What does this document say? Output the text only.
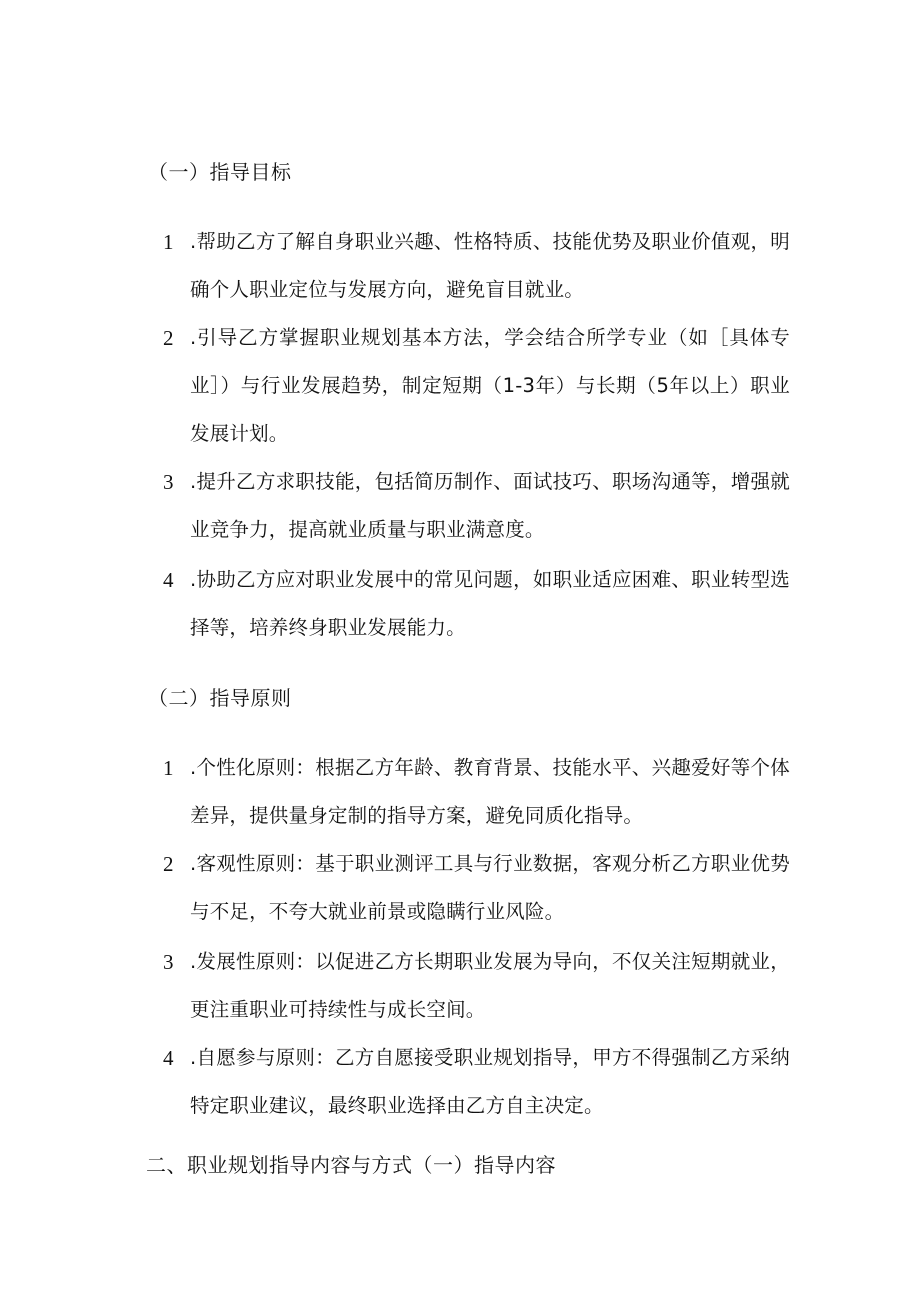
（一）指导目标
1 .帮助乙方了解自身职业兴趣、性格特质、技能优势及职业价值观，明确个人职业定位与发展方向，避免盲目就业。
2 .引导乙方掌握职业规划基本方法，学会结合所学专业（如［具体专业］）与行业发展趋势，制定短期（1-3年）与长期（5年以上）职业发展计划。
3 .提升乙方求职技能，包括简历制作、面试技巧、职场沟通等，增强就业竞争力，提高就业质量与职业满意度。
4 .协助乙方应对职业发展中的常见问题，如职业适应困难、职业转型选择等，培养终身职业发展能力。
（二）指导原则
1 .个性化原则：根据乙方年龄、教育背景、技能水平、兴趣爱好等个体差异，提供量身定制的指导方案，避免同质化指导。
2 .客观性原则：基于职业测评工具与行业数据，客观分析乙方职业优势与不足，不夸大就业前景或隐瞒行业风险。
3 .发展性原则：以促进乙方长期职业发展为导向，不仅关注短期就业，更注重职业可持续性与成长空间。
4 .自愿参与原则：乙方自愿接受职业规划指导，甲方不得强制乙方采纳特定职业建议，最终职业选择由乙方自主决定。
二、职业规划指导内容与方式（一）指导内容
